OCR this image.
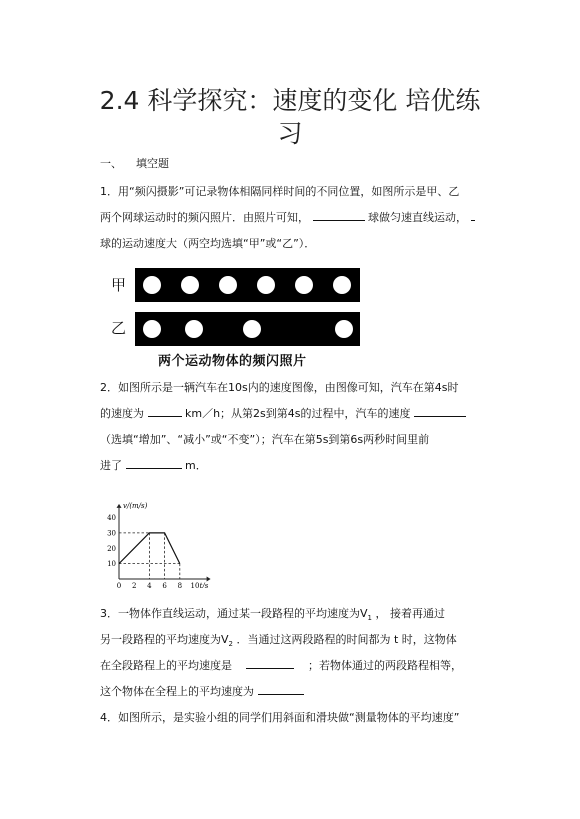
2.4 科学探究：速度的变化 培优练
习
一、 填空题
1．用“频闪摄影”可记录物体相隔同样时间的不同位置，如图所示是甲、乙
两个网球运动时的频闪照片．由照片可知，	球做匀速直线运动，
球的运动速度大（两空均选填“甲”或“乙”）．
甲
乙
两个运动物体的频闪照片
2．如图所示是一辆汽车在10s内的速度图像，由图像可知，汽车在第4s时
的速度为	km／h；从第2s到第4s的过程中，汽车的速度
（选填“增加”、“减小”或“不变”）；汽车在第5s到第6s两秒时间里前
进了	m．
v/(m/s)
t/s
10
20
30
40
0 2 4 6 8 10
3．一物体作直线运动，通过某一段路程的平均速度为$V_1$ ， 接着再通过
另一段路程的平均速度为$V_2$ ．当通过这两段路程的时间都为 t 时，这物体
在全段路程上的平均速度是	；若物体通过的两段路程相等，
这个物体在全程上的平均速度为
4．如图所示，是实验小组的同学们用斜面和滑块做“测量物体的平均速度”
